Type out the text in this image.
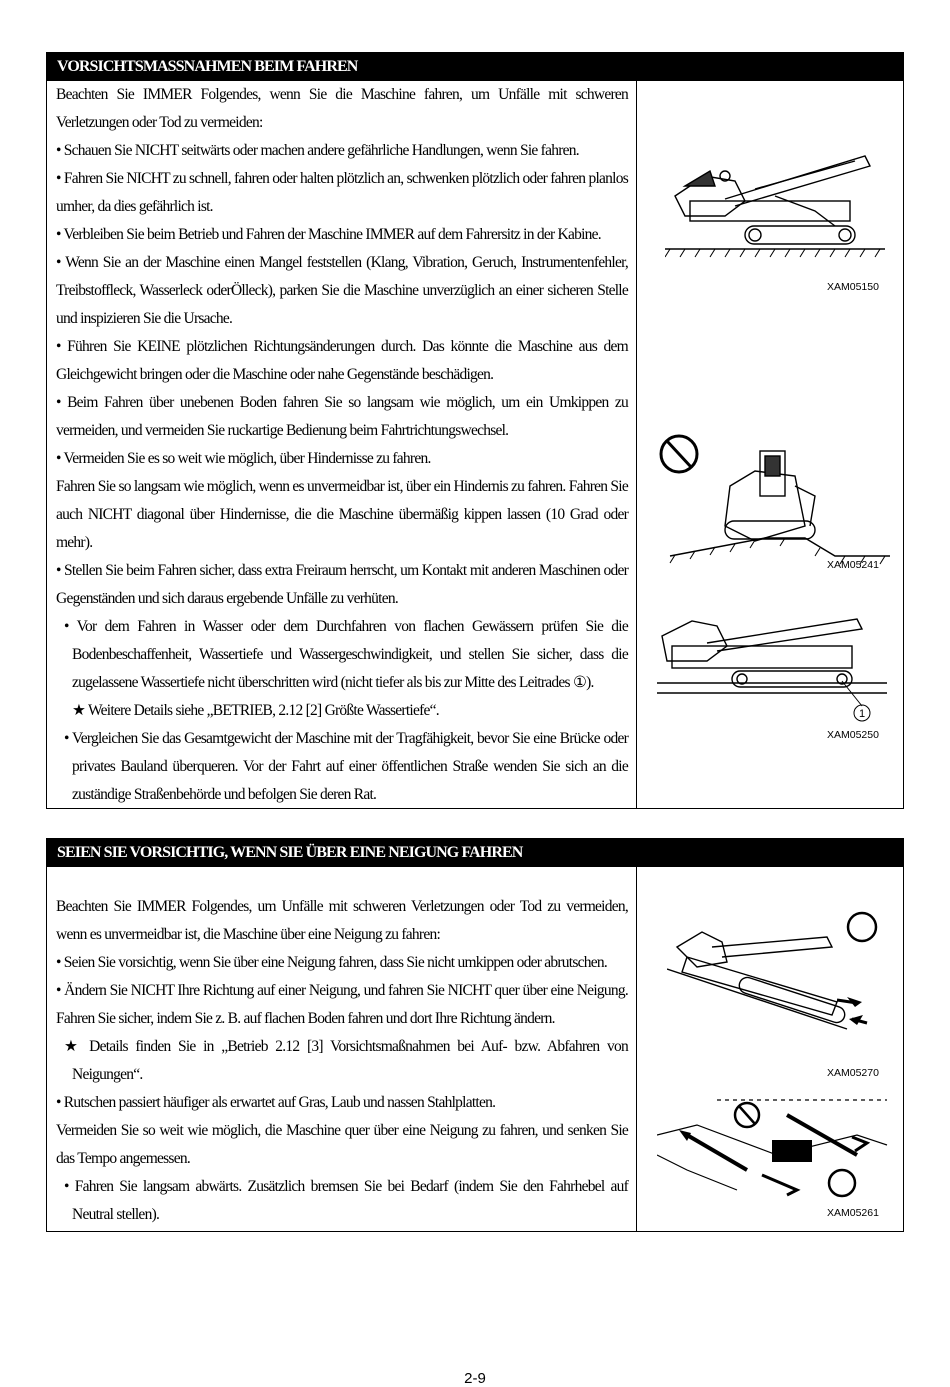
VORSICHTSMASSNAHMEN BEIM FAHREN

Beachten Sie IMMER Folgendes, wenn Sie die Maschine fahren, um Unfälle mit schweren Verletzungen oder Tod zu vermeiden:

• Schauen Sie NICHT seitwärts oder machen andere gefährliche Handlungen, wenn Sie fahren.

• Fahren Sie NICHT zu schnell, fahren oder halten plötzlich an, schwenken plötzlich oder fahren planlos umher, da dies gefährlich ist.

• Verbleiben Sie beim Betrieb und Fahren der Maschine IMMER auf dem Fahrersitz in der Kabine.

• Wenn Sie an der Maschine einen Mangel feststellen (Klang, Vibration, Geruch, Instrumentenfehler, Treibstoffleck, Wasserleck oderÖlleck), parken Sie die Maschine unverzüglich an einer sicheren Stelle und inspizieren Sie die Ursache.

• Führen Sie KEINE plötzlichen Richtungsänderungen durch. Das könnte die Maschine aus dem Gleichgewicht bringen oder die Maschine oder nahe Gegenstände beschädigen.

• Beim Fahren über unebenen Boden fahren Sie so langsam wie möglich, um ein Umkippen zu vermeiden, und vermeiden Sie ruckartige Bedienung beim Fahrtrichtungswechsel.

• Vermeiden Sie es so weit wie möglich, über Hindernisse zu fahren.

Fahren Sie so langsam wie möglich, wenn es unvermeidbar ist, über ein Hindernis zu fahren. Fahren Sie auch NICHT diagonal über Hindernisse, die die Maschine übermäßig kippen lassen (10 Grad oder mehr).

• Stellen Sie beim Fahren sicher, dass extra Freiraum herrscht, um Kontakt mit anderen Maschinen oder Gegenständen und sich daraus ergebende Unfälle zu verhüten.

• Vor dem Fahren in Wasser oder dem Durchfahren von flachen Gewässern prüfen Sie die Bodenbeschaffenheit, Wassertiefe und Wassergeschwindigkeit, und stellen Sie sicher, dass die zugelassene Wassertiefe nicht überschritten wird (nicht tiefer als bis zur Mitte des Leitrades ①).

★ Weitere Details siehe „BETRIEB, 2.12 [2] Größte Wassertiefe“.

• Vergleichen Sie das Gesamtgewicht der Maschine mit der Tragfähigkeit, bevor Sie eine Brücke oder privates Bauland überqueren. Vor der Fahrt auf einer öffentlichen Straße wenden Sie sich an die zuständige Straßenbehörde und befolgen Sie deren Rat.

XAM05150
XAM05241
1
XAM05250
SEIEN SIE VORSICHTIG, WENN SIE ÜBER EINE NEIGUNG FAHREN

Beachten Sie IMMER Folgendes, um Unfälle mit schweren Verletzungen oder Tod zu vermeiden, wenn es unvermeidbar ist, die Maschine über eine Neigung zu fahren:

• Seien Sie vorsichtig, wenn Sie über eine Neigung fahren, dass Sie nicht umkippen oder abrutschen.

• Ändern Sie NICHT Ihre Richtung auf einer Neigung, und fahren Sie NICHT quer über eine Neigung. Fahren Sie sicher, indem Sie z. B. auf flachen Boden fahren und dort Ihre Richtung ändern.

★ Details finden Sie in „Betrieb 2.12 [3] Vorsichtsmaßnahmen bei Auf- bzw. Abfahren von Neigungen“.

• Rutschen passiert häufiger als erwartet auf Gras, Laub und nassen Stahlplatten.

Vermeiden Sie so weit wie möglich, die Maschine quer über eine Neigung zu fahren, und senken Sie das Tempo angemessen.

• Fahren Sie langsam abwärts. Zusätzlich bremsen Sie bei Bedarf (indem Sie den Fahrhebel auf Neutral stellen).

XAM05270
XAM05261
2-9
